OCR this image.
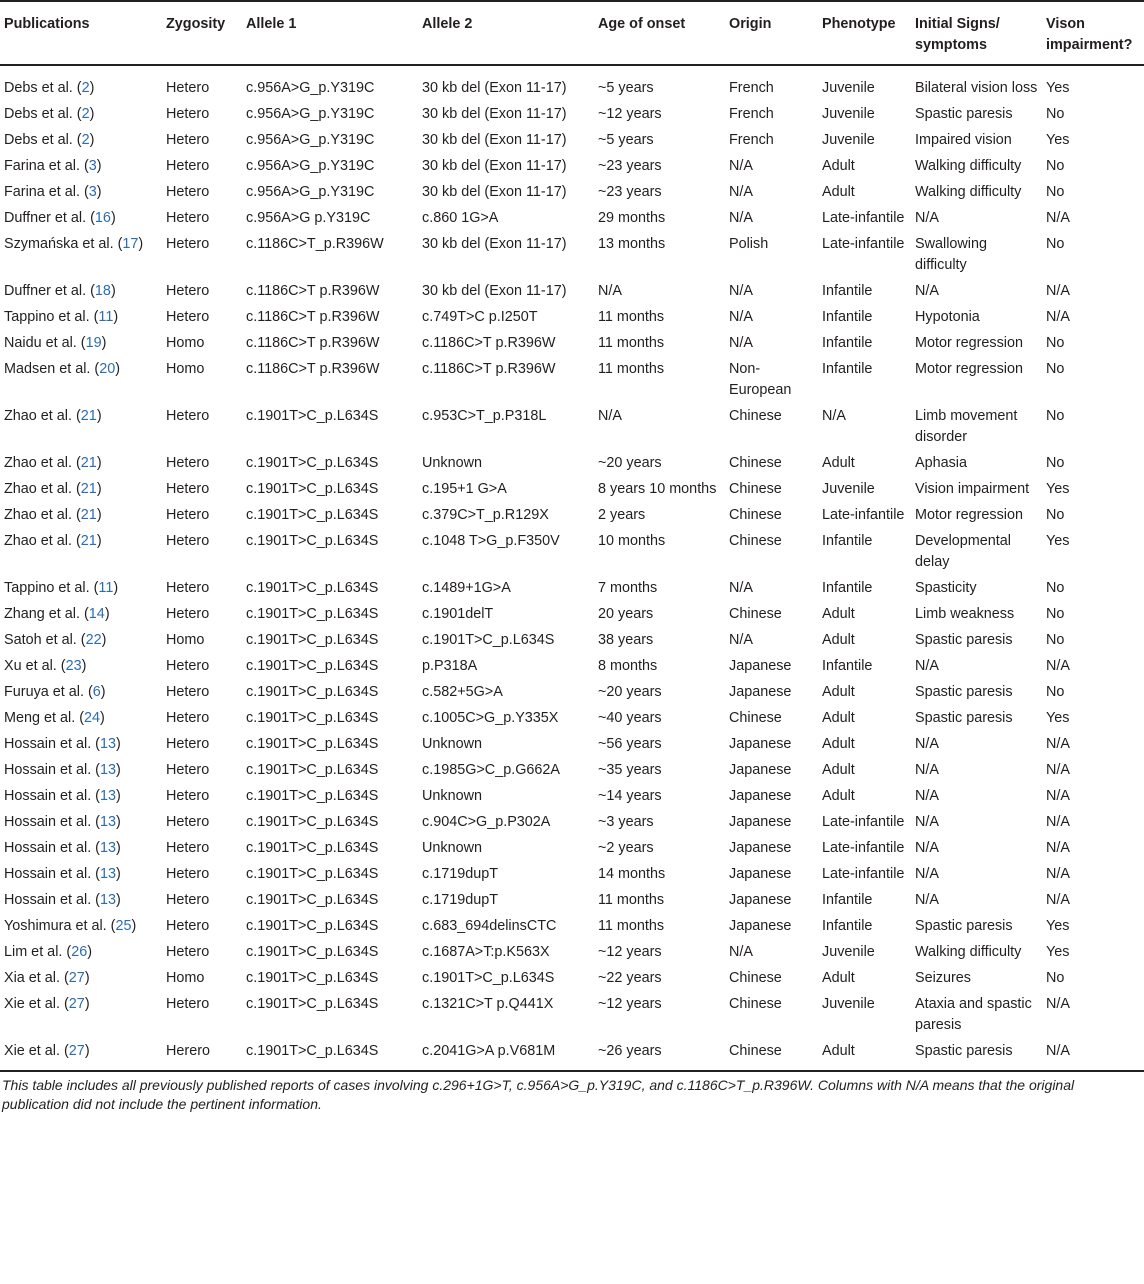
Publications	Zygosity	Allele 1	Allele 2	Age of onset	Origin	Phenotype	Initial Signs/ symptoms	Vison impairment?
Debs et al. (2)	Hetero	c.956A>G_p.Y319C	30 kb del (Exon 11-17)	~5 years	French	Juvenile	Bilateral vision loss	Yes
Debs et al. (2)	Hetero	c.956A>G_p.Y319C	30 kb del (Exon 11-17)	~12 years	French	Juvenile	Spastic paresis	No
Debs et al. (2)	Hetero	c.956A>G_p.Y319C	30 kb del (Exon 11-17)	~5 years	French	Juvenile	Impaired vision	Yes
Farina et al. (3)	Hetero	c.956A>G_p.Y319C	30 kb del (Exon 11-17)	~23 years	N/A	Adult	Walking difficulty	No
Farina et al. (3)	Hetero	c.956A>G_p.Y319C	30 kb del (Exon 11-17)	~23 years	N/A	Adult	Walking difficulty	No
Duffner et al. (16)	Hetero	c.956A>G p.Y319C	c.860 1G>A	29 months	N/A	Late-infantile	N/A	N/A
Szymańska et al. (17)	Hetero	c.1186C>T_p.R396W	30 kb del (Exon 11-17)	13 months	Polish	Late-infantile	Swallowing difficulty	No
Duffner et al. (18)	Hetero	c.1186C>T p.R396W	30 kb del (Exon 11-17)	N/A	N/A	Infantile	N/A	N/A
Tappino et al. (11)	Hetero	c.1186C>T p.R396W	c.749T>C p.I250T	11 months	N/A	Infantile	Hypotonia	N/A
Naidu et al. (19)	Homo	c.1186C>T p.R396W	c.1186C>T p.R396W	11 months	N/A	Infantile	Motor regression	No
Madsen et al. (20)	Homo	c.1186C>T p.R396W	c.1186C>T p.R396W	11 months	Non-European	Infantile	Motor regression	No
Zhao et al. (21)	Hetero	c.1901T>C_p.L634S	c.953C>T_p.P318L	N/A	Chinese	N/A	Limb movement disorder	No
Zhao et al. (21)	Hetero	c.1901T>C_p.L634S	Unknown	~20 years	Chinese	Adult	Aphasia	No
Zhao et al. (21)	Hetero	c.1901T>C_p.L634S	c.195+1 G>A	8 years 10 months	Chinese	Juvenile	Vision impairment	Yes
Zhao et al. (21)	Hetero	c.1901T>C_p.L634S	c.379C>T_p.R129X	2 years	Chinese	Late-infantile	Motor regression	No
Zhao et al. (21)	Hetero	c.1901T>C_p.L634S	c.1048 T>G_p.F350V	10 months	Chinese	Infantile	Developmental delay	Yes
Tappino et al. (11)	Hetero	c.1901T>C_p.L634S	c.1489+1G>A	7 months	N/A	Infantile	Spasticity	No
Zhang et al. (14)	Hetero	c.1901T>C_p.L634S	c.1901delT	20 years	Chinese	Adult	Limb weakness	No
Satoh et al. (22)	Homo	c.1901T>C_p.L634S	c.1901T>C_p.L634S	38 years	N/A	Adult	Spastic paresis	No
Xu et al. (23)	Hetero	c.1901T>C_p.L634S	p.P318A	8 months	Japanese	Infantile	N/A	N/A
Furuya et al. (6)	Hetero	c.1901T>C_p.L634S	c.582+5G>A	~20 years	Japanese	Adult	Spastic paresis	No
Meng et al. (24)	Hetero	c.1901T>C_p.L634S	c.1005C>G_p.Y335X	~40 years	Chinese	Adult	Spastic paresis	Yes
Hossain et al. (13)	Hetero	c.1901T>C_p.L634S	Unknown	~56 years	Japanese	Adult	N/A	N/A
Hossain et al. (13)	Hetero	c.1901T>C_p.L634S	c.1985G>C_p.G662A	~35 years	Japanese	Adult	N/A	N/A
Hossain et al. (13)	Hetero	c.1901T>C_p.L634S	Unknown	~14 years	Japanese	Adult	N/A	N/A
Hossain et al. (13)	Hetero	c.1901T>C_p.L634S	c.904C>G_p.P302A	~3 years	Japanese	Late-infantile	N/A	N/A
Hossain et al. (13)	Hetero	c.1901T>C_p.L634S	Unknown	~2 years	Japanese	Late-infantile	N/A	N/A
Hossain et al. (13)	Hetero	c.1901T>C_p.L634S	c.1719dupT	14 months	Japanese	Late-infantile	N/A	N/A
Hossain et al. (13)	Hetero	c.1901T>C_p.L634S	c.1719dupT	11 months	Japanese	Infantile	N/A	N/A
Yoshimura et al. (25)	Hetero	c.1901T>C_p.L634S	c.683_694delinsCTC	11 months	Japanese	Infantile	Spastic paresis	Yes
Lim et al. (26)	Hetero	c.1901T>C_p.L634S	c.1687A>T:p.K563X	~12 years	N/A	Juvenile	Walking difficulty	Yes
Xia et al. (27)	Homo	c.1901T>C_p.L634S	c.1901T>C_p.L634S	~22 years	Chinese	Adult	Seizures	No
Xie et al. (27)	Hetero	c.1901T>C_p.L634S	c.1321C>T p.Q441X	~12 years	Chinese	Juvenile	Ataxia and spastic paresis	N/A
Xie et al. (27)	Herero	c.1901T>C_p.L634S	c.2041G>A p.V681M	~26 years	Chinese	Adult	Spastic paresis	N/A
This table includes all previously published reports of cases involving c.296+1G>T, c.956A>G_p.Y319C, and c.1186C>T_p.R396W. Columns with N/A means that the original publication did not include the pertinent information.
